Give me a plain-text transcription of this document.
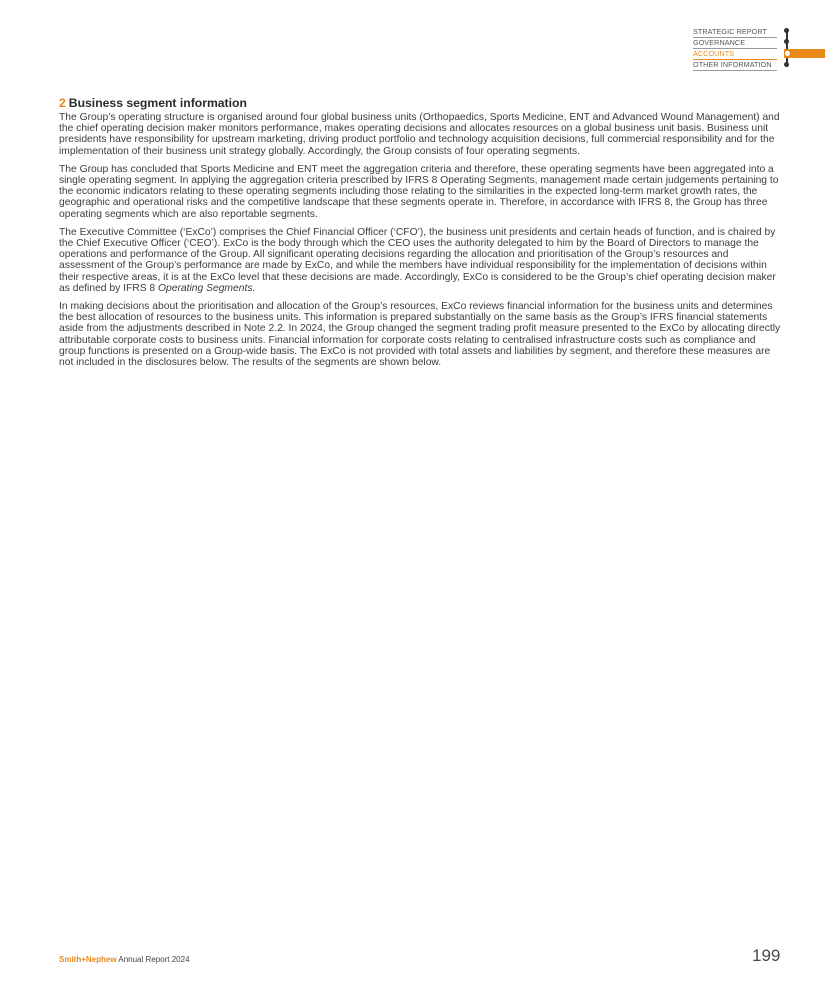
STRATEGIC REPORT
GOVERNANCE
ACCOUNTS
OTHER INFORMATION
2 Business segment information

The Group’s operating structure is organised around four global business units (Orthopaedics, Sports Medicine, ENT and Advanced Wound Management) and the chief operating decision maker monitors performance, makes operating decisions and allocates resources on a global business unit basis. Business unit presidents have responsibility for upstream marketing, driving product portfolio and technology acquisition decisions, full commercial responsibility and for the implementation of their business unit strategy globally. Accordingly, the Group consists of four operating segments.

The Group has concluded that Sports Medicine and ENT meet the aggregation criteria and therefore, these operating segments have been aggregated into a single operating segment. In applying the aggregation criteria prescribed by IFRS 8 Operating Segments, management made certain judgements pertaining to the economic indicators relating to these operating segments including those relating to the similarities in the expected long-term market growth rates, the geographic and operational risks and the competitive landscape that these segments operate in. Therefore, in accordance with IFRS 8, the Group has three operating segments which are also reportable segments.

The Executive Committee (‘ExCo’) comprises the Chief Financial Officer (‘CFO’), the business unit presidents and certain heads of function, and is chaired by the Chief Executive Officer (‘CEO’). ExCo is the body through which the CEO uses the authority delegated to him by the Board of Directors to manage the operations and performance of the Group. All significant operating decisions regarding the allocation and prioritisation of the Group’s resources and assessment of the Group’s performance are made by ExCo, and while the members have individual responsibility for the implementation of decisions within their respective areas, it is at the ExCo level that these decisions are made. Accordingly, ExCo is considered to be the Group’s chief operating decision maker as defined by IFRS 8 Operating Segments.

In making decisions about the prioritisation and allocation of the Group’s resources, ExCo reviews financial information for the business units and determines the best allocation of resources to the business units. This information is prepared substantially on the same basis as the Group’s IFRS financial statements aside from the adjustments described in Note 2.2. In 2024, the Group changed the segment trading profit measure presented to the ExCo by allocating directly attributable corporate costs to business units. Financial information for corporate costs relating to centralised infrastructure costs such as compliance and group functions is presented on a Group-wide basis. The ExCo is not provided with total assets and liabilities by segment, and therefore these measures are not included in the disclosures below. The results of the segments are shown below.

Smith+Nephew Annual Report 2024	199
